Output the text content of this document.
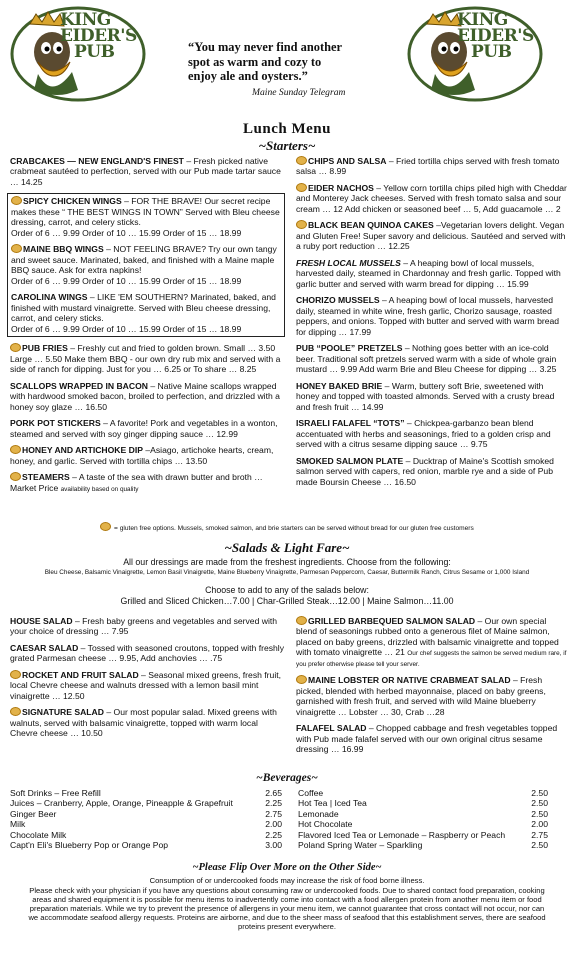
KING
EIDER'S
PUB
KING
EIDER'S
PUB
“You may never find another
spot as warm and cozy to
enjoy ale and oysters.”
Maine Sunday Telegram
Lunch Menu
~Starters~
CRABCAKES — NEW ENGLAND'S FINEST – Fresh picked native crabmeat sautéed to perfection, served with our Pub made tartar sauce … 14.25
SPICY CHICKEN WINGS – FOR THE BRAVE! Our secret recipe makes these “ THE BEST WINGS IN TOWN” Served with Bleu cheese dressing, carrot, and celery sticks.
Order of 6 … 9.99 Order of 10 … 15.99 Order of 15 … 18.99
MAINE BBQ WINGS – NOT FEELING BRAVE? Try our own tangy and sweet sauce. Marinated, baked, and finished with a Maine maple BBQ sauce. Ask for extra napkins!
Order of 6 … 9.99 Order of 10 … 15.99 Order of 15 … 18.99
CAROLINA WINGS – LIKE 'EM SOUTHERN? Marinated, baked, and finished with mustard vinaigrette. Served with Bleu cheese dressing, carrot, and celery sticks.
Order of 6 … 9.99 Order of 10 … 15.99 Order of 15 … 18.99
PUB FRIES – Freshly cut and fried to golden brown. Small … 3.50 Large … 5.50 Make them BBQ - our own dry rub mix and served with a side of ranch for dipping. Just for you … 6.25 or To share … 8.25
SCALLOPS WRAPPED IN BACON – Native Maine scallops wrapped with hardwood smoked bacon, broiled to perfection, and drizzled with a honey soy glaze … 16.50
PORK POT STICKERS – A favorite! Pork and vegetables in a wonton, steamed and served with soy ginger dipping sauce … 12.99
HONEY AND ARTICHOKE DIP –Asiago, artichoke hearts, cream, honey, and garlic. Served with tortilla chips … 13.50
STEAMERS – A taste of the sea with drawn butter and broth … Market Price availability based on quality
CHIPS AND SALSA – Fried tortilla chips served with fresh tomato salsa … 8.99
EIDER NACHOS – Yellow corn tortilla chips piled high with Cheddar and Monterey Jack cheeses. Served with fresh tomato salsa and sour cream … 12 Add chicken or seasoned beef … 5, Add guacamole … 2
BLACK BEAN QUINOA CAKES –Vegetarian lovers delight. Vegan and Gluten Free! Super savory and delicious. Sautéed and served with a ruby port reduction … 12.25
FRESH LOCAL MUSSELS – A heaping bowl of local mussels, harvested daily, steamed in Chardonnay and fresh garlic. Topped with garlic butter and served with warm bread for dipping … 15.99
CHORIZO MUSSELS – A heaping bowl of local mussels, harvested daily, steamed in white wine, fresh garlic, Chorizo sausage, roasted peppers, and onions. Topped with butter and served with warm bread for dipping … 17.99
PUB “POOLE” PRETZELS – Nothing goes better with an ice-cold beer. Traditional soft pretzels served warm with a side of whole grain mustard … 9.99 Add warm Brie and Bleu Cheese for dipping … 3.25
HONEY BAKED BRIE – Warm, buttery soft Brie, sweetened with honey and topped with toasted almonds. Served with a crusty bread and fresh fruit … 14.99
ISRAELI FALAFEL “TOTS” – Chickpea-garbanzo bean blend accentuated with herbs and seasonings, fried to a golden crisp and served with a citrus sesame dipping sauce … 9.75
SMOKED SALMON PLATE – Ducktrap of Maine's Scottish smoked salmon served with capers, red onion, marble rye and a side of Pub made Boursin Cheese … 16.50
= gluten free options. Mussels, smoked salmon, and brie starters can be served without bread for our gluten free customers
~Salads & Light Fare~
All our dressings are made from the freshest ingredients. Choose from the following:
Bleu Cheese, Balsamic Vinaigrette, Lemon Basil Vinaigrette, Maine Blueberry Vinaigrette, Parmesan Peppercorn, Caesar, Buttermilk Ranch, Citrus Sesame or 1,000 Island
Choose to add to any of the salads below:
Grilled and Sliced Chicken…7.00 | Char-Grilled Steak…12.00 | Maine Salmon…11.00
HOUSE SALAD – Fresh baby greens and vegetables and served with your choice of dressing … 7.95
CAESAR SALAD – Tossed with seasoned croutons, topped with freshly grated Parmesan cheese … 9.95, Add anchovies … .75
ROCKET AND FRUIT SALAD – Seasonal mixed greens, fresh fruit, local Chevre cheese and walnuts dressed with a lemon basil mint vinaigrette … 12.50
SIGNATURE SALAD – Our most popular salad. Mixed greens with walnuts, served with balsamic vinaigrette, topped with warm local Chevre cheese … 10.50
GRILLED BARBEQUED SALMON SALAD – Our own special blend of seasonings rubbed onto a generous filet of Maine salmon, placed on baby greens, drizzled with balsamic vinaigrette and topped with tomato vinaigrette … 21 Our chef suggests the salmon be served medium rare, if you prefer otherwise please tell your server.
MAINE LOBSTER OR NATIVE CRABMEAT SALAD – Fresh picked, blended with herbed mayonnaise, placed on baby greens, garnished with fresh fruit, and served with wild Maine blueberry vinaigrette … Lobster … 30, Crab …28
FALAFEL SALAD – Chopped cabbage and fresh vegetables topped with Pub made falafel served with our own original citrus sesame dressing … 16.99
~Beverages~
Soft Drinks – Free Refill	2.65
Juices – Cranberry, Apple, Orange, Pineapple & Grapefruit	2.25
Ginger Beer	2.75
Milk	2.00
Chocolate Milk	2.25
Capt'n Eli's Blueberry Pop or Orange Pop	3.00
Coffee	2.50
Hot Tea | Iced Tea	2.50
Lemonade	2.50
Hot Chocolate	2.00
Flavored Iced Tea or Lemonade – Raspberry or Peach	2.75
Poland Spring Water – Sparkling	2.50
~Please Flip Over More on the Other Side~
Consumption of or undercooked foods may increase the risk of food borne illness.
Please check with your physician if you have any questions about consuming raw or undercooked foods. Due to shared contact food preparation, cooking areas and shared equipment it is possible for menu items to inadvertently come into contact with a food allergen protein from another menu item or food preparation materials. While we try to prevent the presence of allergens in your menu item, we cannot guarantee that cross contact will not occur, nor can we accommodate seafood allergy requests. Proteins are airborne, and due to the sheer mass of seafood that this establishment serves, there are seafood proteins present everywhere.
